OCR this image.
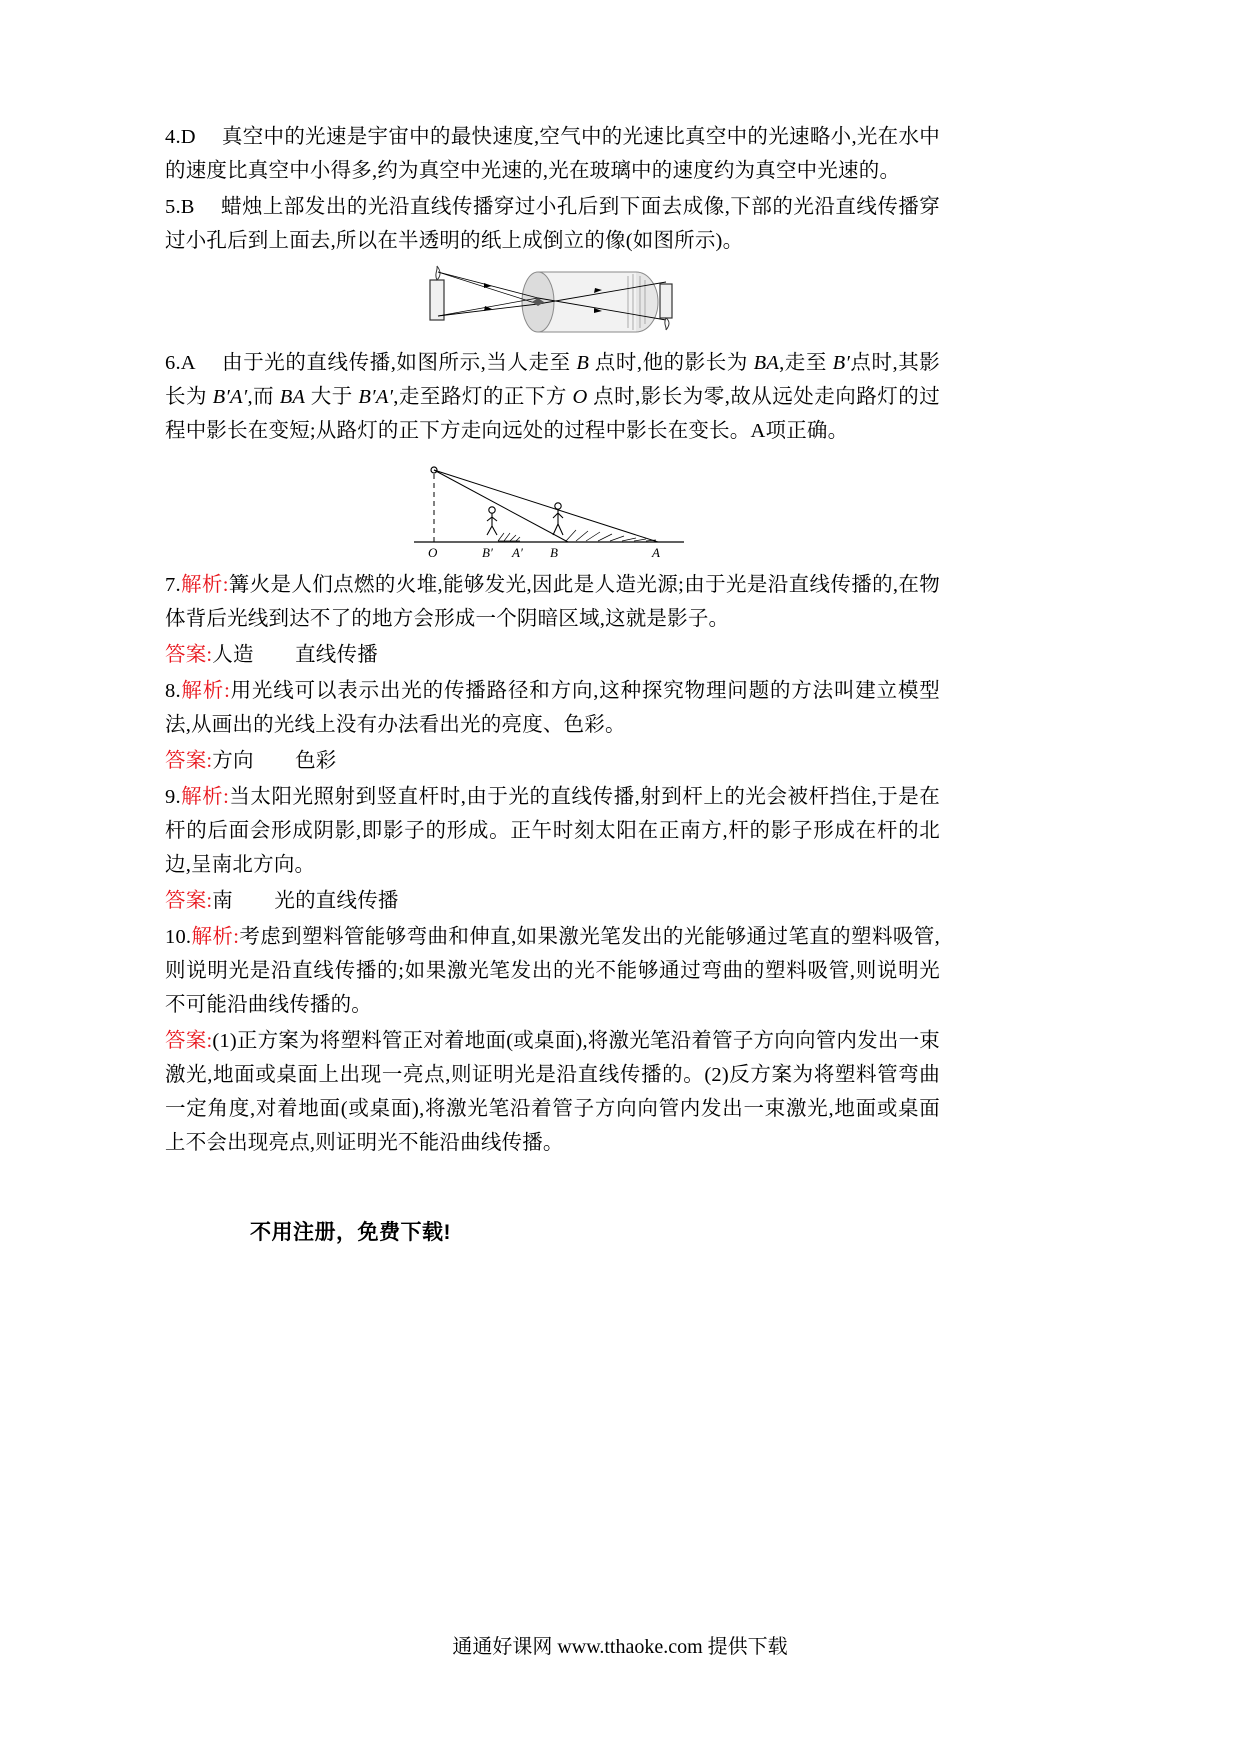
4.D 真空中的光速是宇宙中的最快速度,空气中的光速比真空中的光速略小,光在水中的速度比真空中小得多,约为真空中光速的,光在玻璃中的速度约为真空中光速的。

5.B 蜡烛上部发出的光沿直线传播穿过小孔后到下面去成像,下部的光沿直线传播穿过小孔后到上面去,所以在半透明的纸上成倒立的像(如图所示)。

6.A 由于光的直线传播,如图所示,当人走至 B 点时,他的影长为 BA,走至 B′点时,其影长为 B′A′,而 BA 大于 B′A′,走至路灯的正下方 O 点时,影长为零,故从远处走向路灯的过程中影长在变短;从路灯的正下方走向远处的过程中影长在变长。A项正确。

O	B′ A′ B	A

7.解析:篝火是人们点燃的火堆,能够发光,因此是人造光源;由于光是沿直线传播的,在物体背后光线到达不了的地方会形成一个阴暗区域,这就是影子。

答案:人造　　直线传播

8.解析:用光线可以表示出光的传播路径和方向,这种探究物理问题的方法叫建立模型法,从画出的光线上没有办法看出光的亮度、色彩。

答案:方向　　色彩

9.解析:当太阳光照射到竖直杆时,由于光的直线传播,射到杆上的光会被杆挡住,于是在杆的后面会形成阴影,即影子的形成。正午时刻太阳在正南方,杆的影子形成在杆的北边,呈南北方向。

答案:南　　光的直线传播

10.解析:考虑到塑料管能够弯曲和伸直,如果激光笔发出的光能够通过笔直的塑料吸管,则说明光是沿直线传播的;如果激光笔发出的光不能够通过弯曲的塑料吸管,则说明光不可能沿曲线传播的。

答案:(1)正方案为将塑料管正对着地面(或桌面),将激光笔沿着管子方向向管内发出一束激光,地面或桌面上出现一亮点,则证明光是沿直线传播的。(2)反方案为将塑料管弯曲一定角度,对着地面(或桌面),将激光笔沿着管子方向向管内发出一束激光,地面或桌面上不会出现亮点,则证明光不能沿曲线传播。

不用注册，免费下载!
通通好课网 www.tthaoke.com 提供下载
